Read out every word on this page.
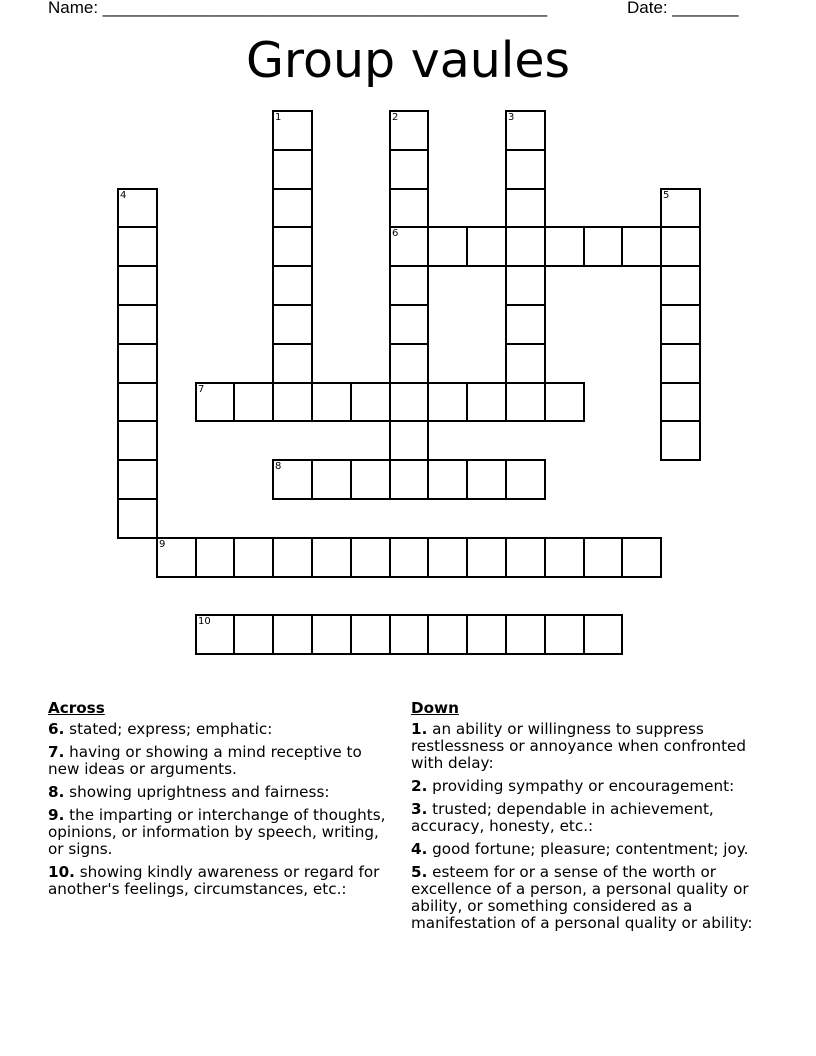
Name: _______________________________________________	Date: _______
Group vaules
1	2
6
3
4	5
7
8
9
10
Across
6. stated; express; emphatic:
7. having or showing a mind receptive to new ideas or arguments.
8. showing uprightness and fairness:
9. the imparting or interchange of thoughts, opinions, or information by speech, writing, or signs.
10. showing kindly awareness or regard for another's feelings, circumstances, etc.:
Down
1. an ability or willingness to suppress restlessness or annoyance when confronted with delay:
2. providing sympathy or encouragement:
3. trusted; dependable in achievement, accuracy, honesty, etc.:
4. good fortune; pleasure; contentment; joy.
5. esteem for or a sense of the worth or excellence of a person, a personal quality or ability, or something considered as a manifestation of a personal quality or ability:
